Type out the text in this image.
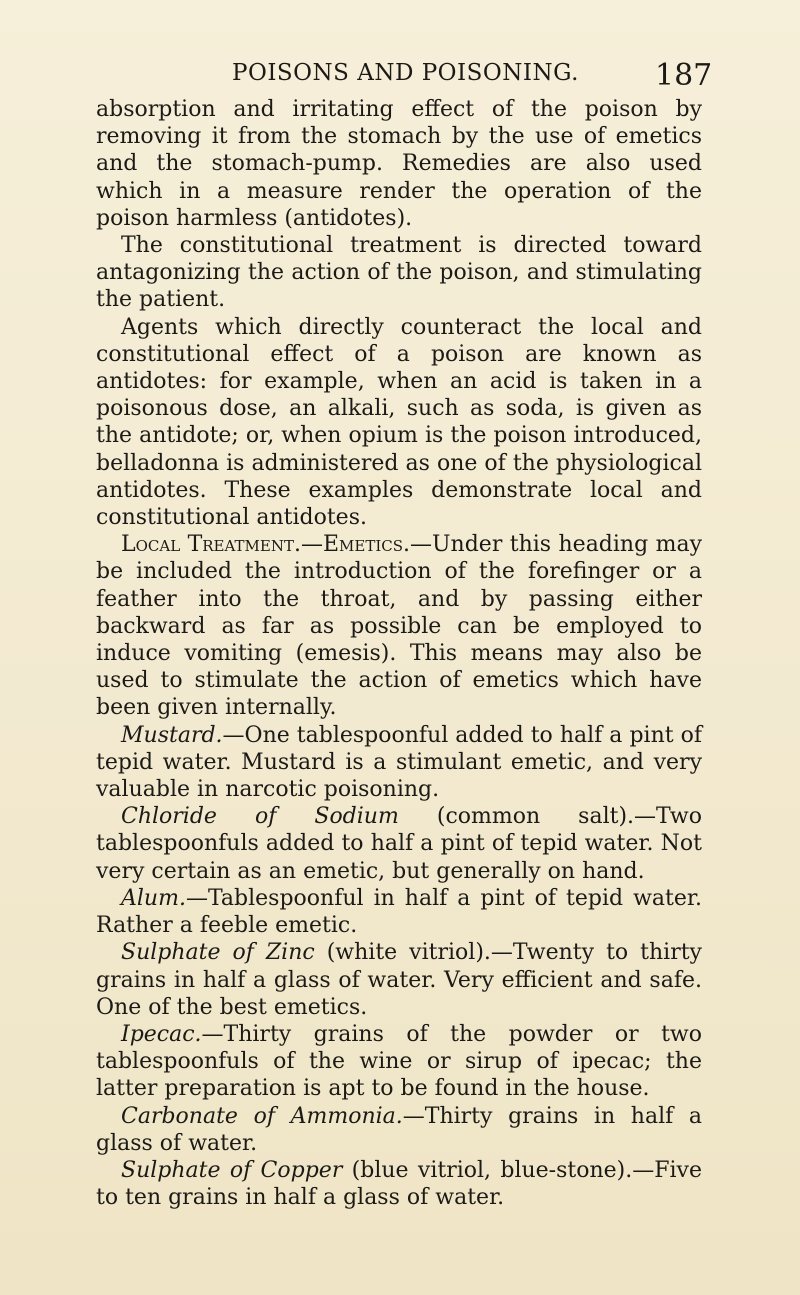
POISONS AND POISONING.	187

absorption and irritating effect of the poison by removing it from the stomach by the use of emetics and the stomach-pump. Remedies are also used which in a measure render the operation of the poison harmless (antidotes).

The constitutional treatment is directed toward antagonizing the action of the poison, and stimulating the patient.

Agents which directly counteract the local and constitutional effect of a poison are known as antidotes: for example, when an acid is taken in a poisonous dose, an alkali, such as soda, is given as the antidote; or, when opium is the poison introduced, belladonna is administered as one of the physiological antidotes. These examples demonstrate local and constitutional antidotes.

Local Treatment.—Emetics.—Under this heading may be included the introduction of the forefinger or a feather into the throat, and by passing either backward as far as possible can be employed to induce vomiting (emesis). This means may also be used to stimulate the action of emetics which have been given internally.

Mustard.—One tablespoonful added to half a pint of tepid water. Mustard is a stimulant emetic, and very valuable in narcotic poisoning.

Chloride of Sodium (common salt).—Two tablespoonfuls added to half a pint of tepid water. Not very certain as an emetic, but generally on hand.

Alum.—Tablespoonful in half a pint of tepid water. Rather a feeble emetic.

Sulphate of Zinc (white vitriol).—Twenty to thirty grains in half a glass of water. Very efficient and safe. One of the best emetics.

Ipecac.—Thirty grains of the powder or two tablespoonfuls of the wine or sirup of ipecac; the latter preparation is apt to be found in the house.

Carbonate of Ammonia.—Thirty grains in half a glass of water.

Sulphate of Copper (blue vitriol, blue-stone).—Five to ten grains in half a glass of water.
